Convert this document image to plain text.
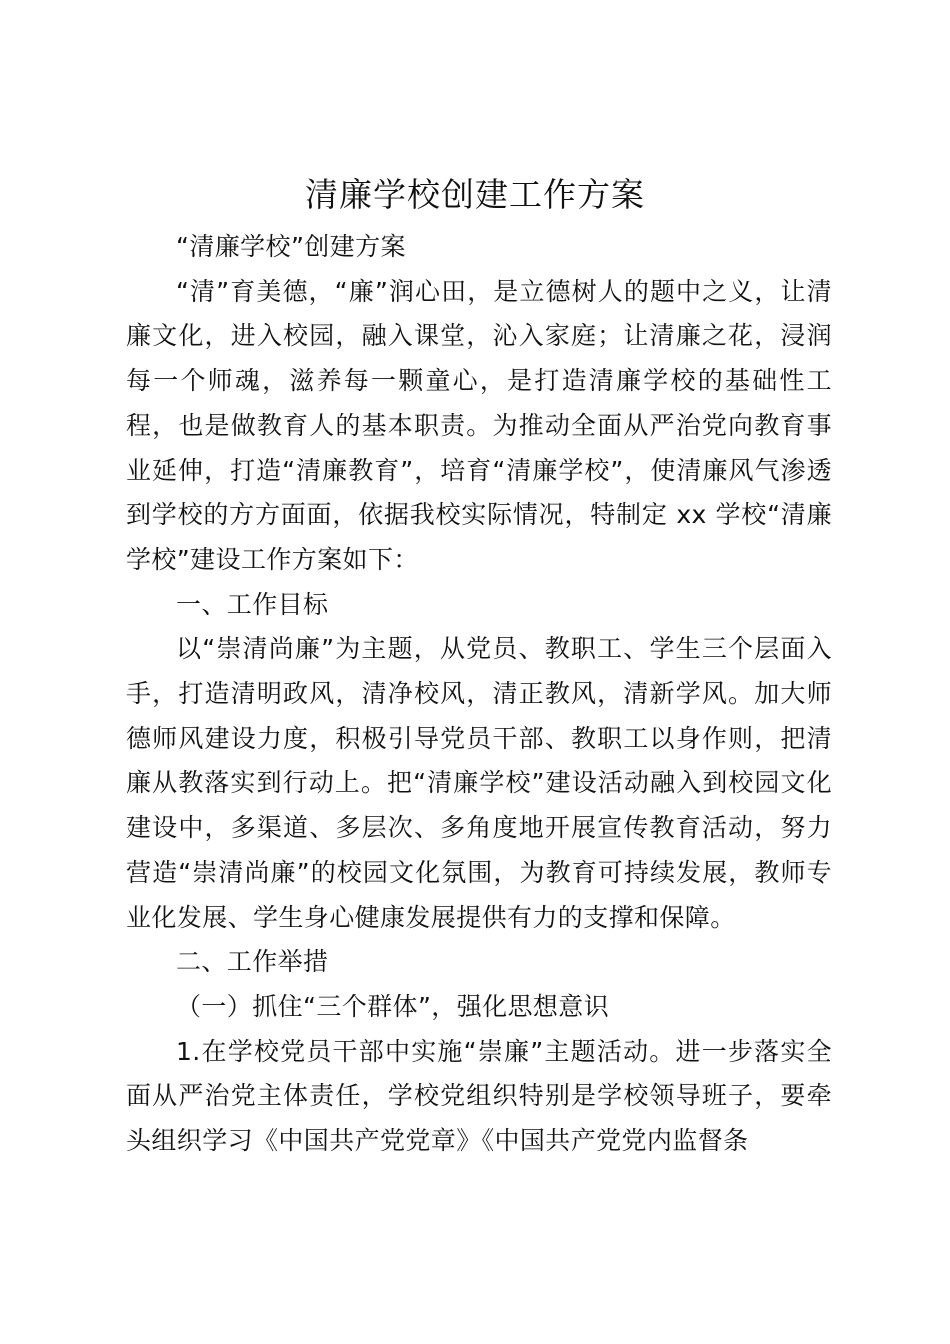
清廉学校创建工作方案

“清廉学校”创建方案

“清”育美德，“廉”润心田，是立德树人的题中之义，让清廉文化，进入校园，融入课堂，沁入家庭；让清廉之花，浸润每一个师魂，滋养每一颗童心，是打造清廉学校的基础性工程，也是做教育人的基本职责。为推动全面从严治党向教育事业延伸，打造“清廉教育”，培育“清廉学校”，使清廉风气渗透到学校的方方面面，依据我校实际情况，特制定 xx 学校“清廉学校”建设工作方案如下：

一、工作目标

以“崇清尚廉”为主题，从党员、教职工、学生三个层面入手，打造清明政风，清净校风，清正教风，清新学风。加大师德师风建设力度，积极引导党员干部、教职工以身作则，把清廉从教落实到行动上。把“清廉学校”建设活动融入到校园文化建设中，多渠道、多层次、多角度地开展宣传教育活动，努力营造“崇清尚廉”的校园文化氛围，为教育可持续发展，教师专业化发展、学生身心健康发展提供有力的支撑和保障。

二、工作举措

（一）抓住“三个群体”，强化思想意识

1.在学校党员干部中实施“崇廉”主题活动。进一步落实全面从严治党主体责任，学校党组织特别是学校领导班子，要牵头组织学习《中国共产党党章》《中国共产党党内监督条
